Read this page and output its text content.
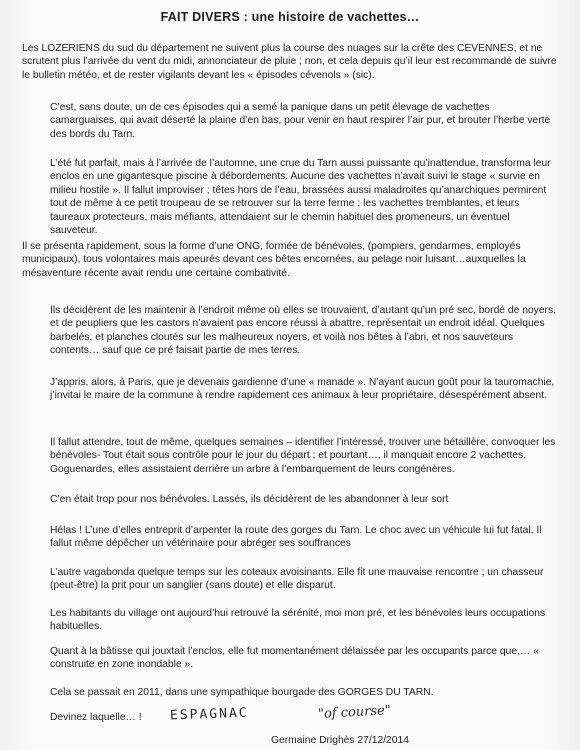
FAIT DIVERS : une histoire de vachettes…
Les LOZERIENS du sud du département ne suivent plus la course des nuages sur la crête des CEVENNES, et ne scrutent plus l’arrivée du vent du midi, annonciateur de pluie ; non, et cela depuis qu’il leur est recommandé de suivre le bulletin météo, et de rester vigilants devant les « épisodes cévenols » (sic).
C’est, sans doute, un de ces épisodes qui a semé la panique dans un petit élevage de vachettes camarguaises, qui avait déserté la plaine d’en bas, pour venir en haut respirer l’air pur, et brouter l’herbe verte des bords du Tarn.
L’été fut parfait, mais à l’arrivée de l’automne, une crue du Tarn aussi puissante qu’inattendue, transforma leur enclos en une gigantesque piscine à débordements. Aucune des vachettes n’avait suivi le stage « survie en milieu hostile ». Il fallut improviser ; têtes hors de l’eau, brassées aussi maladroites qu’anarchiques permirent tout de même à ce petit troupeau de se retrouver sur la terre ferme ; les vachettes tremblantes, et leurs taureaux protecteurs, mais méfiants, attendaient sur le chemin habituel des promeneurs, un éventuel sauveteur.
Il se présenta rapidement, sous la forme d’une ONG, formée de bénévoles, (pompiers, gendarmes, employés municipaux), tous volontaires mais apeurés devant ces bêtes encornées, au pelage noir luisant…auxquelles la mésaventure récente avait rendu une certaine combativité.
Ils décidèrent de les maintenir à l’endroit même où elles se trouvaient, d’autant qu’un pré sec, bordé de noyers, et de peupliers que les castors n’avaient pas encore réussi à abattre, représentait un endroit idéal. Quelques barbelés, et planches cloutés sur les malheureux noyers, et voilà nos bêtes à l’abri, et nos sauveteurs contents… sauf que ce pré faisait partie de mes terres.
J’appris, alors, à Paris, que je devenais gardienne d’une « manade ». N’ayant aucun goût pour la tauromachie, j’invitai le maire de la commune à rendre rapidement ces animaux à leur propriétaire, désespérément absent.
Il fallut attendre, tout de même, quelques semaines – identifier l’intéressé, trouver une bétaillère, convoquer les bénévoles- Tout était sous contrôle pour le jour du départ ; et pourtant…, il manquait encore 2 vachettes. Goguenardes, elles assistaient derrière un arbre à l’embarquement de leurs congénères.
C’en était trop pour nos bénévoles. Lassés, ils décidèrent de les abandonner à leur sort
Hélas ! L’une d’elles entreprit d’arpenter la route des gorges du Tarn. Le choc avec un véhicule lui fut fatal. Il fallut même dépêcher un vétérinaire pour abréger ses souffrances
L’autre vagabonda quelque temps sur les coteaux avoisinants. Elle fit une mauvaise rencontre ; un chasseur (peut-être) la prit pour un sanglier (sans doute) et elle disparut.
Les habitants du village ont aujourd’hui retrouvé la sérénité, moi mon pré, et les bénévoles leurs occupations habituelles.
Quant à la bâtisse qui jouxtait l’enclos, elle fut momentanément délaissée par les occupants parce que,… « construite en zone inondable ».
Cela se passait en 2011, dans une sympathique bourgade des GORGES DU TARN.
Devinez laquelle… !	ESPAGNAC	"of course"
Germaine Drighès 27/12/2014
